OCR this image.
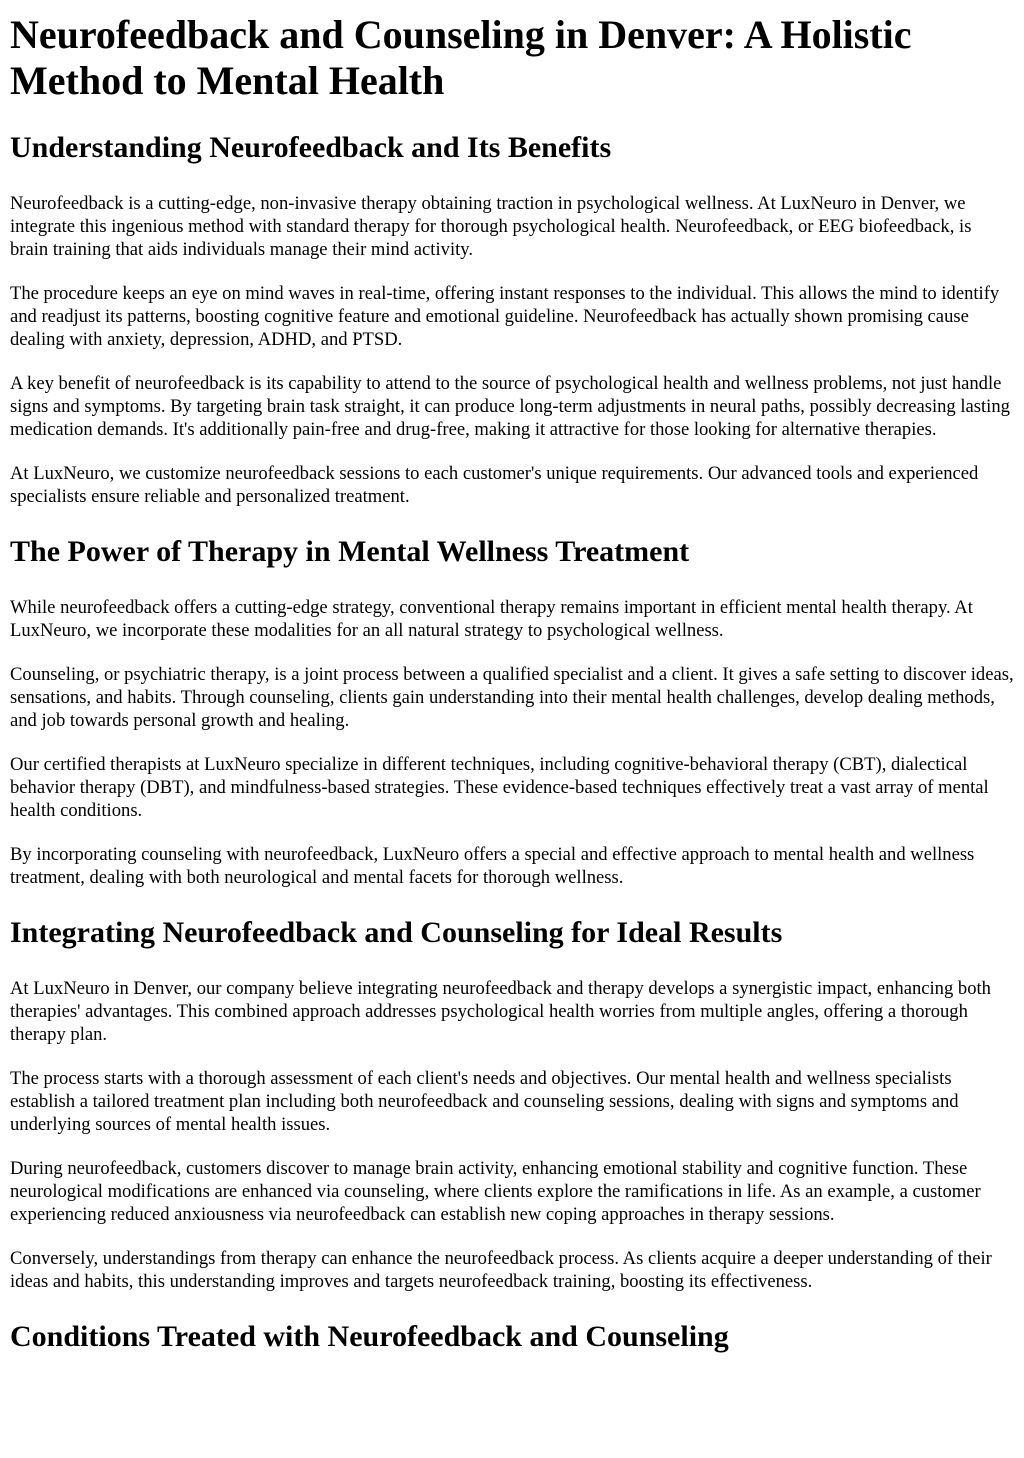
Neurofeedback and Counseling in Denver: A Holistic Method to Mental Health
Understanding Neurofeedback and Its Benefits

Neurofeedback is a cutting-edge, non-invasive therapy obtaining traction in psychological wellness. At LuxNeuro in Denver, we integrate this ingenious method with standard therapy for thorough psychological health. Neurofeedback, or EEG biofeedback, is brain training that aids individuals manage their mind activity.

The procedure keeps an eye on mind waves in real-time, offering instant responses to the individual. This allows the mind to identify and readjust its patterns, boosting cognitive feature and emotional guideline. Neurofeedback has actually shown promising cause dealing with anxiety, depression, ADHD, and PTSD.

A key benefit of neurofeedback is its capability to attend to the source of psychological health and wellness problems, not just handle signs and symptoms. By targeting brain task straight, it can produce long-term adjustments in neural paths, possibly decreasing lasting medication demands. It's additionally pain-free and drug-free, making it attractive for those looking for alternative therapies.

At LuxNeuro, we customize neurofeedback sessions to each customer's unique requirements. Our advanced tools and experienced specialists ensure reliable and personalized treatment.

The Power of Therapy in Mental Wellness Treatment

While neurofeedback offers a cutting-edge strategy, conventional therapy remains important in efficient mental health therapy. At LuxNeuro, we incorporate these modalities for an all natural strategy to psychological wellness.

Counseling, or psychiatric therapy, is a joint process between a qualified specialist and a client. It gives a safe setting to discover ideas, sensations, and habits. Through counseling, clients gain understanding into their mental health challenges, develop dealing methods, and job towards personal growth and healing.

Our certified therapists at LuxNeuro specialize in different techniques, including cognitive-behavioral therapy (CBT), dialectical behavior therapy (DBT), and mindfulness-based strategies. These evidence-based techniques effectively treat a vast array of mental health conditions.

By incorporating counseling with neurofeedback, LuxNeuro offers a special and effective approach to mental health and wellness treatment, dealing with both neurological and mental facets for thorough wellness.

Integrating Neurofeedback and Counseling for Ideal Results

At LuxNeuro in Denver, our company believe integrating neurofeedback and therapy develops a synergistic impact, enhancing both therapies' advantages. This combined approach addresses psychological health worries from multiple angles, offering a thorough therapy plan.

The process starts with a thorough assessment of each client's needs and objectives. Our mental health and wellness specialists establish a tailored treatment plan including both neurofeedback and counseling sessions, dealing with signs and symptoms and underlying sources of mental health issues.

During neurofeedback, customers discover to manage brain activity, enhancing emotional stability and cognitive function. These neurological modifications are enhanced via counseling, where clients explore the ramifications in life. As an example, a customer experiencing reduced anxiousness via neurofeedback can establish new coping approaches in therapy sessions.

Conversely, understandings from therapy can enhance the neurofeedback process. As clients acquire a deeper understanding of their ideas and habits, this understanding improves and targets neurofeedback training, boosting its effectiveness.

Conditions Treated with Neurofeedback and Counseling
